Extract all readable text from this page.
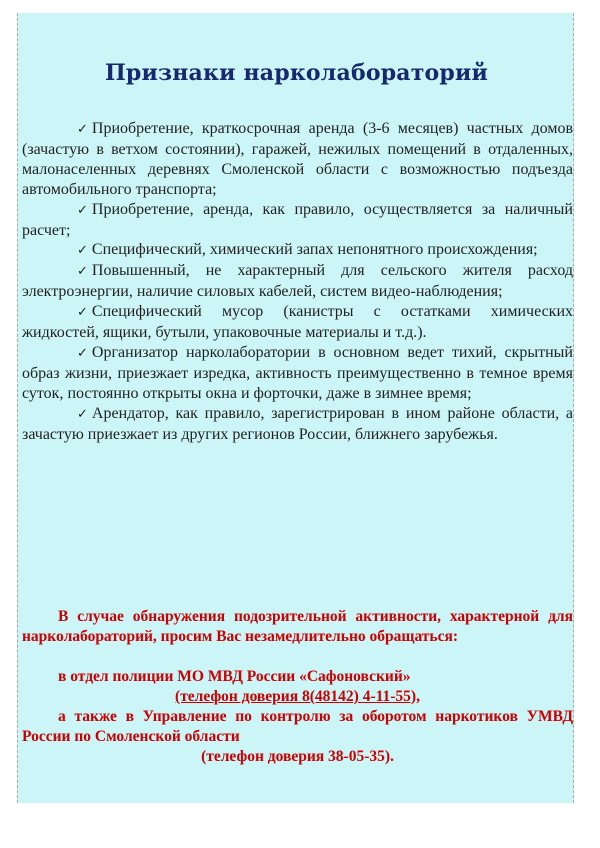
Признаки нарколабораторий
✓ Приобретение, краткосрочная аренда (3-6 месяцев) частных домов (зачастую в ветхом состоянии), гаражей, нежилых помещений в отдаленных, малонаселенных деревнях Смоленской области с возможностью подъезда автомобильного транспорта;
✓ Приобретение, аренда, как правило, осуществляется за наличный расчет;
✓ Специфический, химический запах непонятного происхождения;
✓ Повышенный, не характерный для сельского жителя расход электроэнергии, наличие силовых кабелей, систем видео-наблюдения;
✓ Специфический мусор (канистры с остатками химических жидкостей, ящики, бутыли, упаковочные материалы и т.д.).
✓ Организатор нарколаборатории в основном ведет тихий, скрытный образ жизни, приезжает изредка, активность преимущественно в темное время суток, постоянно открыты окна и форточки, даже в зимнее время;
✓ Арендатор, как правило, зарегистрирован в ином районе области, а зачастую приезжает из других регионов России, ближнего зарубежья.

В случае обнаружения подозрительной активности, характерной для нарколабораторий, просим Вас незамедлительно обращаться:

в отдел полиции МО МВД России «Сафоновский»

(телефон доверия 8(48142) 4-11-55),

а также в Управление по контролю за оборотом наркотиков УМВД России по Смоленской области

(телефон доверия 38-05-35).
